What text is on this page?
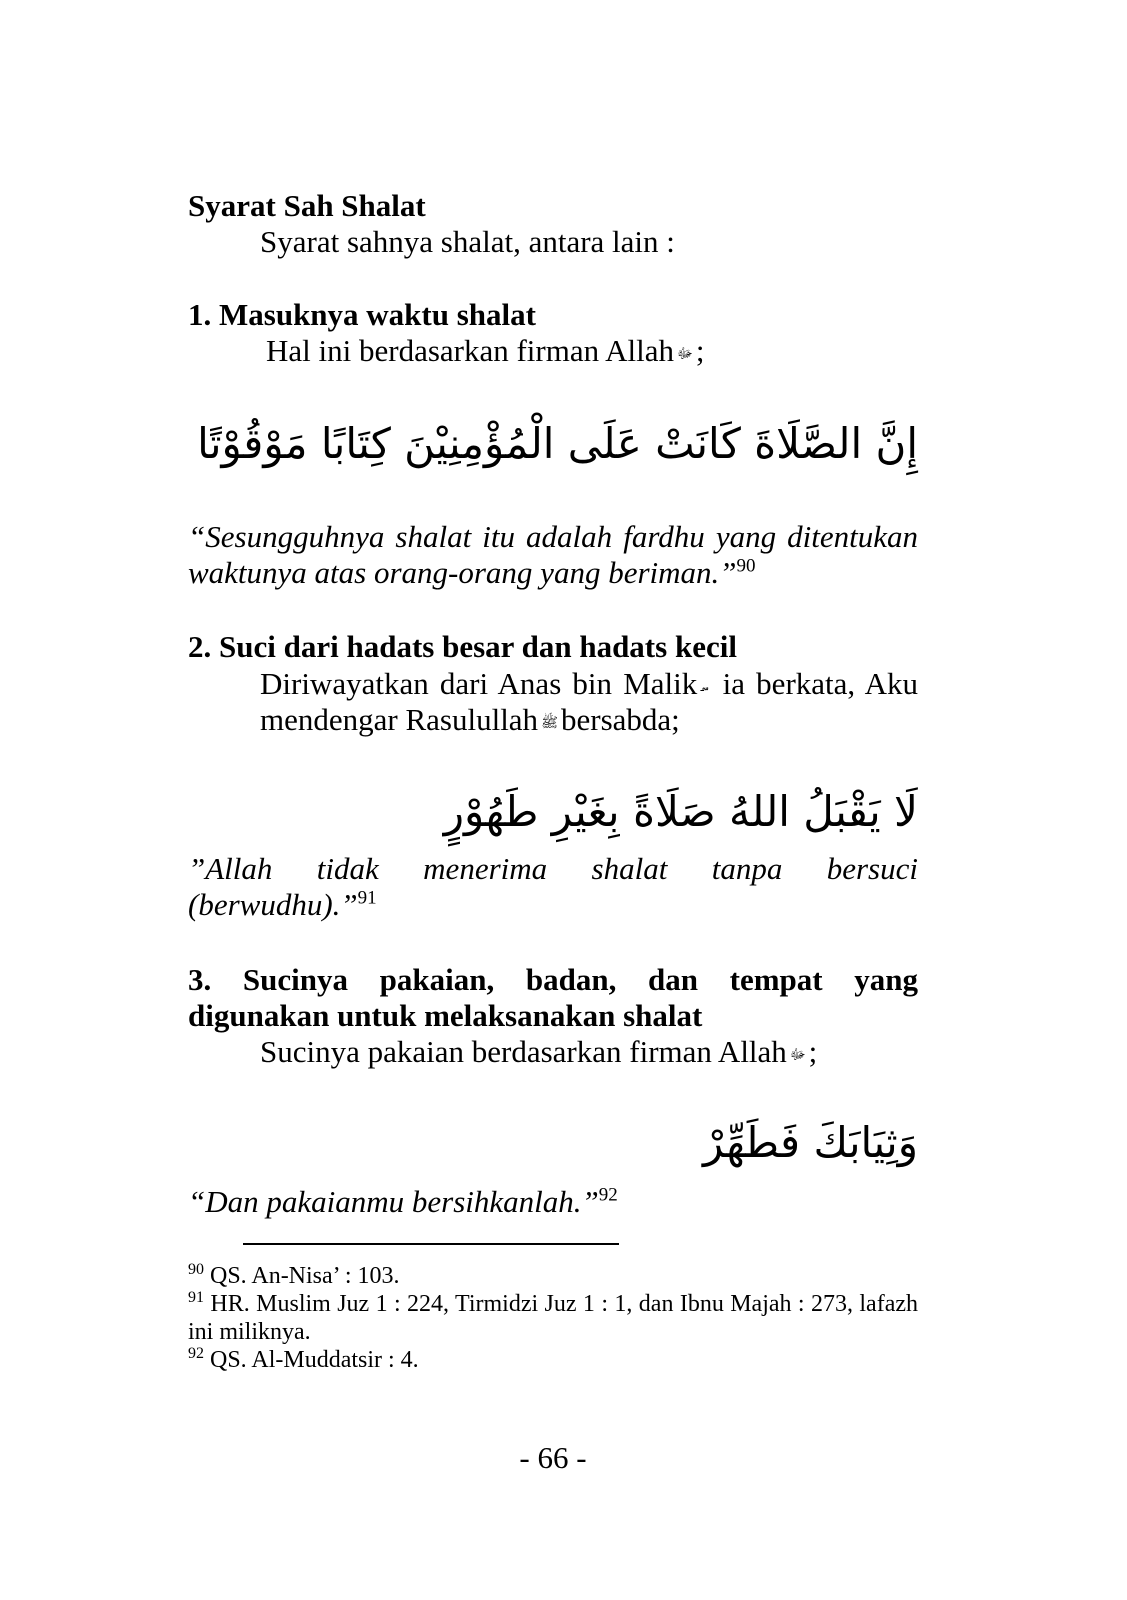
Syarat Sah Shalat
Syarat sahnya shalat, antara lain :
1. Masuknya waktu shalat
Hal ini berdasarkan firman Allah ﷻ;
إِنَّ الصَّلَاةَ كَانَتْ عَلَى الْمُؤْمِنِيْنَ كِتَابًا مَوْقُوْتًا
“Sesungguhnya shalat itu adalah fardhu yang ditentukan waktunya atas orang-orang yang beriman.”$^{90}$
2. Suci dari hadats besar dan hadats kecil
Diriwayatkan dari Anas bin Malik ؄ ia berkata, Aku mendengar Rasulullah ﷺbersabda;
لَا يَقْبَلُ اللهُ صَلَاةً بِغَيْرِ طَهُوْرٍ
”Allah tidak menerima shalat tanpa bersuci (berwudhu).”$^{91}$
3. Sucinya pakaian, badan, dan tempat yang digunakan untuk melaksanakan shalat
Sucinya pakaian berdasarkan firman Allah ﷻ;
وَثِيَابَكَ فَطَهِّرْ
“Dan pakaianmu bersihkanlah.”$^{92}$
$^{90}$ QS. An-Nisa’ : 103.
$^{91}$ HR. Muslim Juz 1 : 224, Tirmidzi Juz 1 : 1, dan Ibnu Majah : 273, lafazh ini miliknya.
$^{92}$ QS. Al-Muddatsir : 4.
- 66 -
